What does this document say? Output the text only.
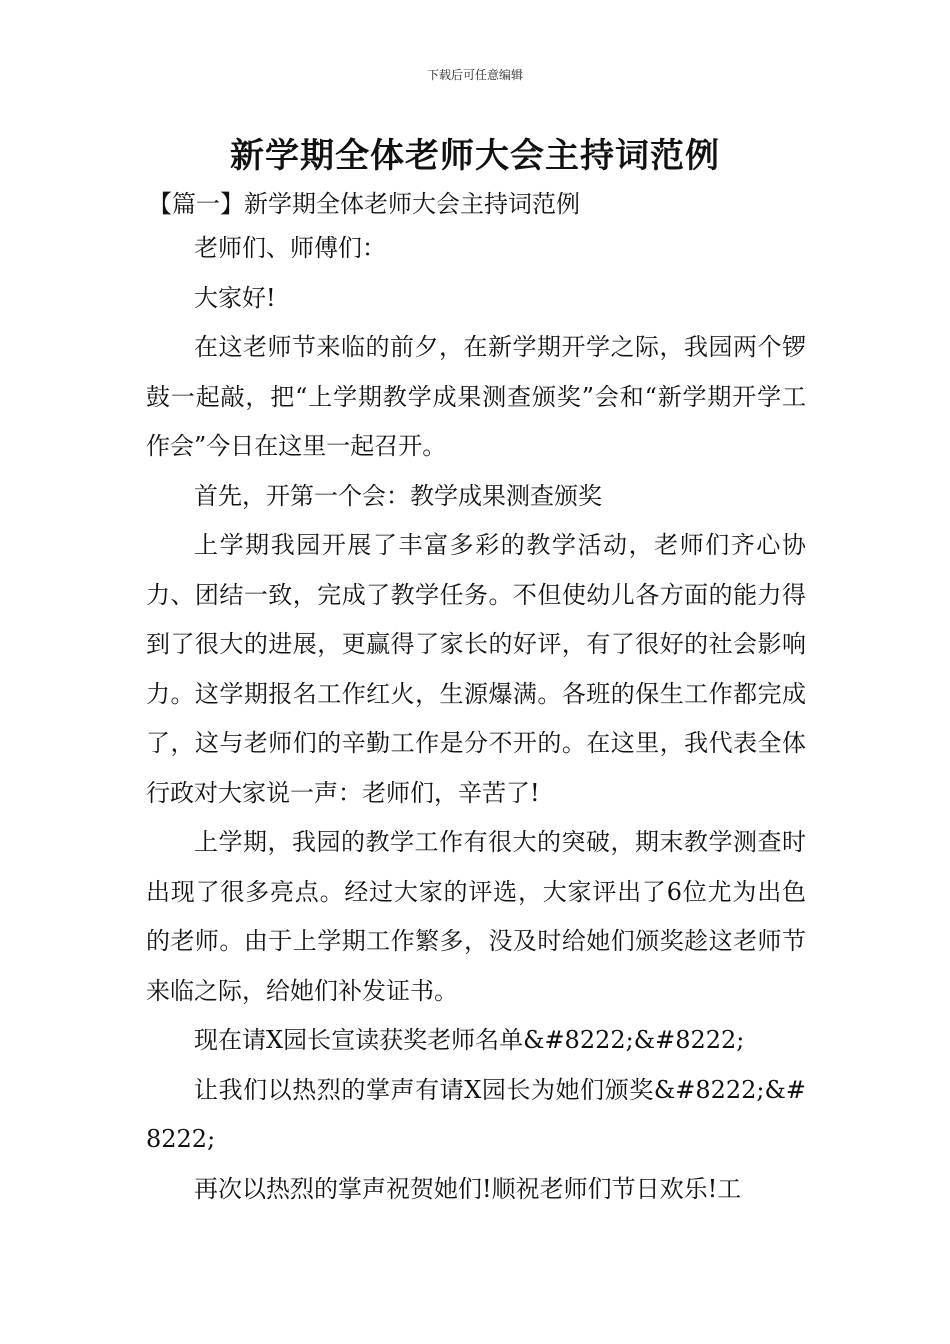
下载后可任意编辑
新学期全体老师大会主持词范例
【篇一】新学期全体老师大会主持词范例

老师们、师傅们：

大家好!

在这老师节来临的前夕，在新学期开学之际，我园两个锣鼓一起敲，把“上学期教学成果测查颁奖”会和“新学期开学工作会”今日在这里一起召开。

首先，开第一个会：教学成果测查颁奖

上学期我园开展了丰富多彩的教学活动，老师们齐心协力、团结一致，完成了教学任务。不但使幼儿各方面的能力得到了很大的进展，更赢得了家长的好评，有了很好的社会影响力。这学期报名工作红火，生源爆满。各班的保生工作都完成了，这与老师们的辛勤工作是分不开的。在这里，我代表全体行政对大家说一声：老师们，辛苦了!

上学期，我园的教学工作有很大的突破，期末教学测查时出现了很多亮点。经过大家的评选，大家评出了6位尤为出色的老师。由于上学期工作繁多，没及时给她们颁奖趁这老师节来临之际，给她们补发证书。

现在请X园长宣读获奖老师名单&#8222;&#8222;

让我们以热烈的掌声有请X园长为她们颁奖&#8222;&#8222;

再次以热烈的掌声祝贺她们!顺祝老师们节日欢乐!工
